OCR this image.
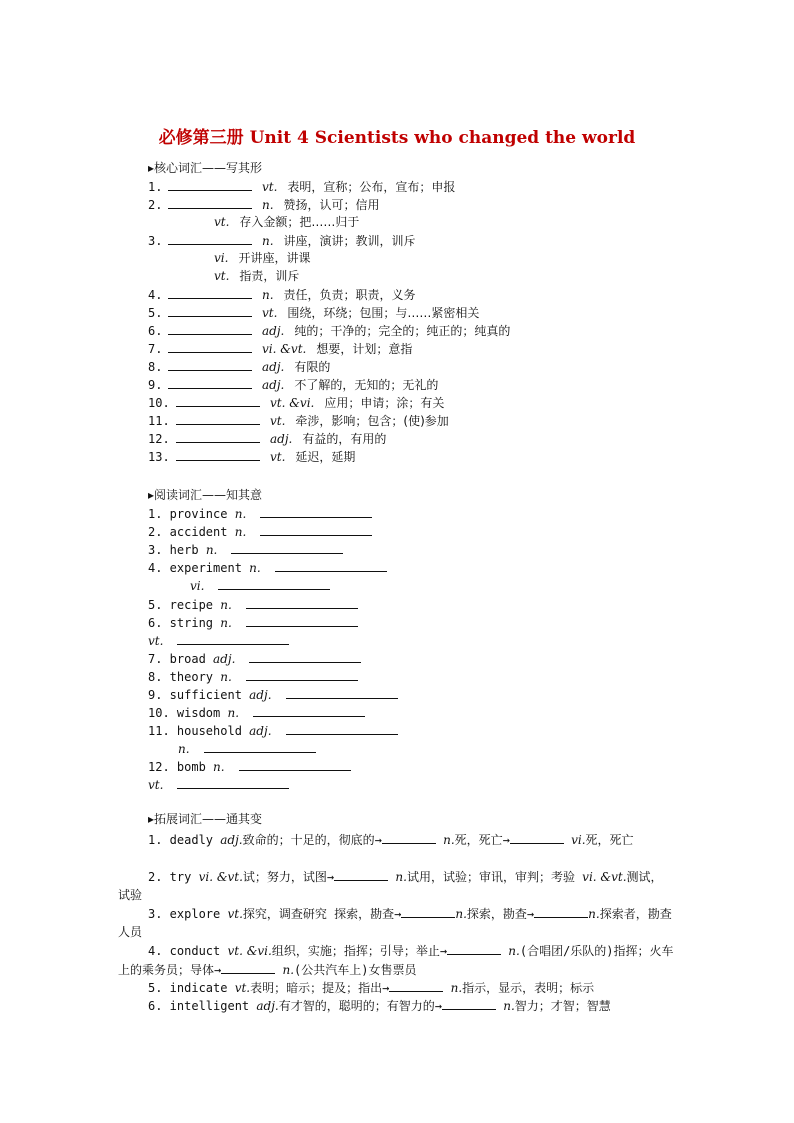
必修第三册 Unit 4 Scientists who changed the world
▸核心词汇——写其形
1.	vt. 表明，宣称；公布，宣布；申报
2.	n. 赞扬，认可；信用
vt. 存入金额；把……归于
3.	n. 讲座，演讲；教训，训斥
vi. 开讲座，讲课
vt. 指责，训斥
4.	n. 责任，负责；职责，义务
5.	vt. 围绕，环绕；包围；与……紧密相关
6.	adj. 纯的；干净的；完全的；纯正的；纯真的
7.	vi. &vt. 想要，计划；意指
8.	adj. 有限的
9.	adj. 不了解的，无知的；无礼的
10.	vt. &vi. 应用；申请；涂；有关
11.	vt. 牵涉，影响；包含；(使)参加
12.	adj. 有益的，有用的
13.	vt. 延迟，延期
▸阅读词汇——知其意
1. province n.
2. accident n.
3. herb n.
4. experiment n.
vi.
5. recipe n.
6. string n.
vt.
7. broad adj.
8. theory n.
9. sufficient adj.
10. wisdom n.
11. household adj.
n.
12. bomb n.
vt.
▸拓展词汇——通其变
1. deadly adj.致命的；十足的，彻底的→	n.死，死亡→	vi.死，死亡
2. try vi. &vt.试；努力，试图→	n.试用，试验；审讯，审判；考验 vi. &vt.测试，试验
3. explore vt.探究，调查研究 探索，勘查→	n.探索，勘查→	n.探索者，勘查人员
4. conduct vt. &vi.组织，实施；指挥；引导；举止→	n.(合唱团/乐队的)指挥；火车上的乘务员；导体→	n.(公共汽车上)女售票员
5. indicate vt.表明；暗示；提及；指出→	n.指示，显示，表明；标示
6. intelligent adj.有才智的，聪明的；有智力的→	n.智力；才智；智慧
